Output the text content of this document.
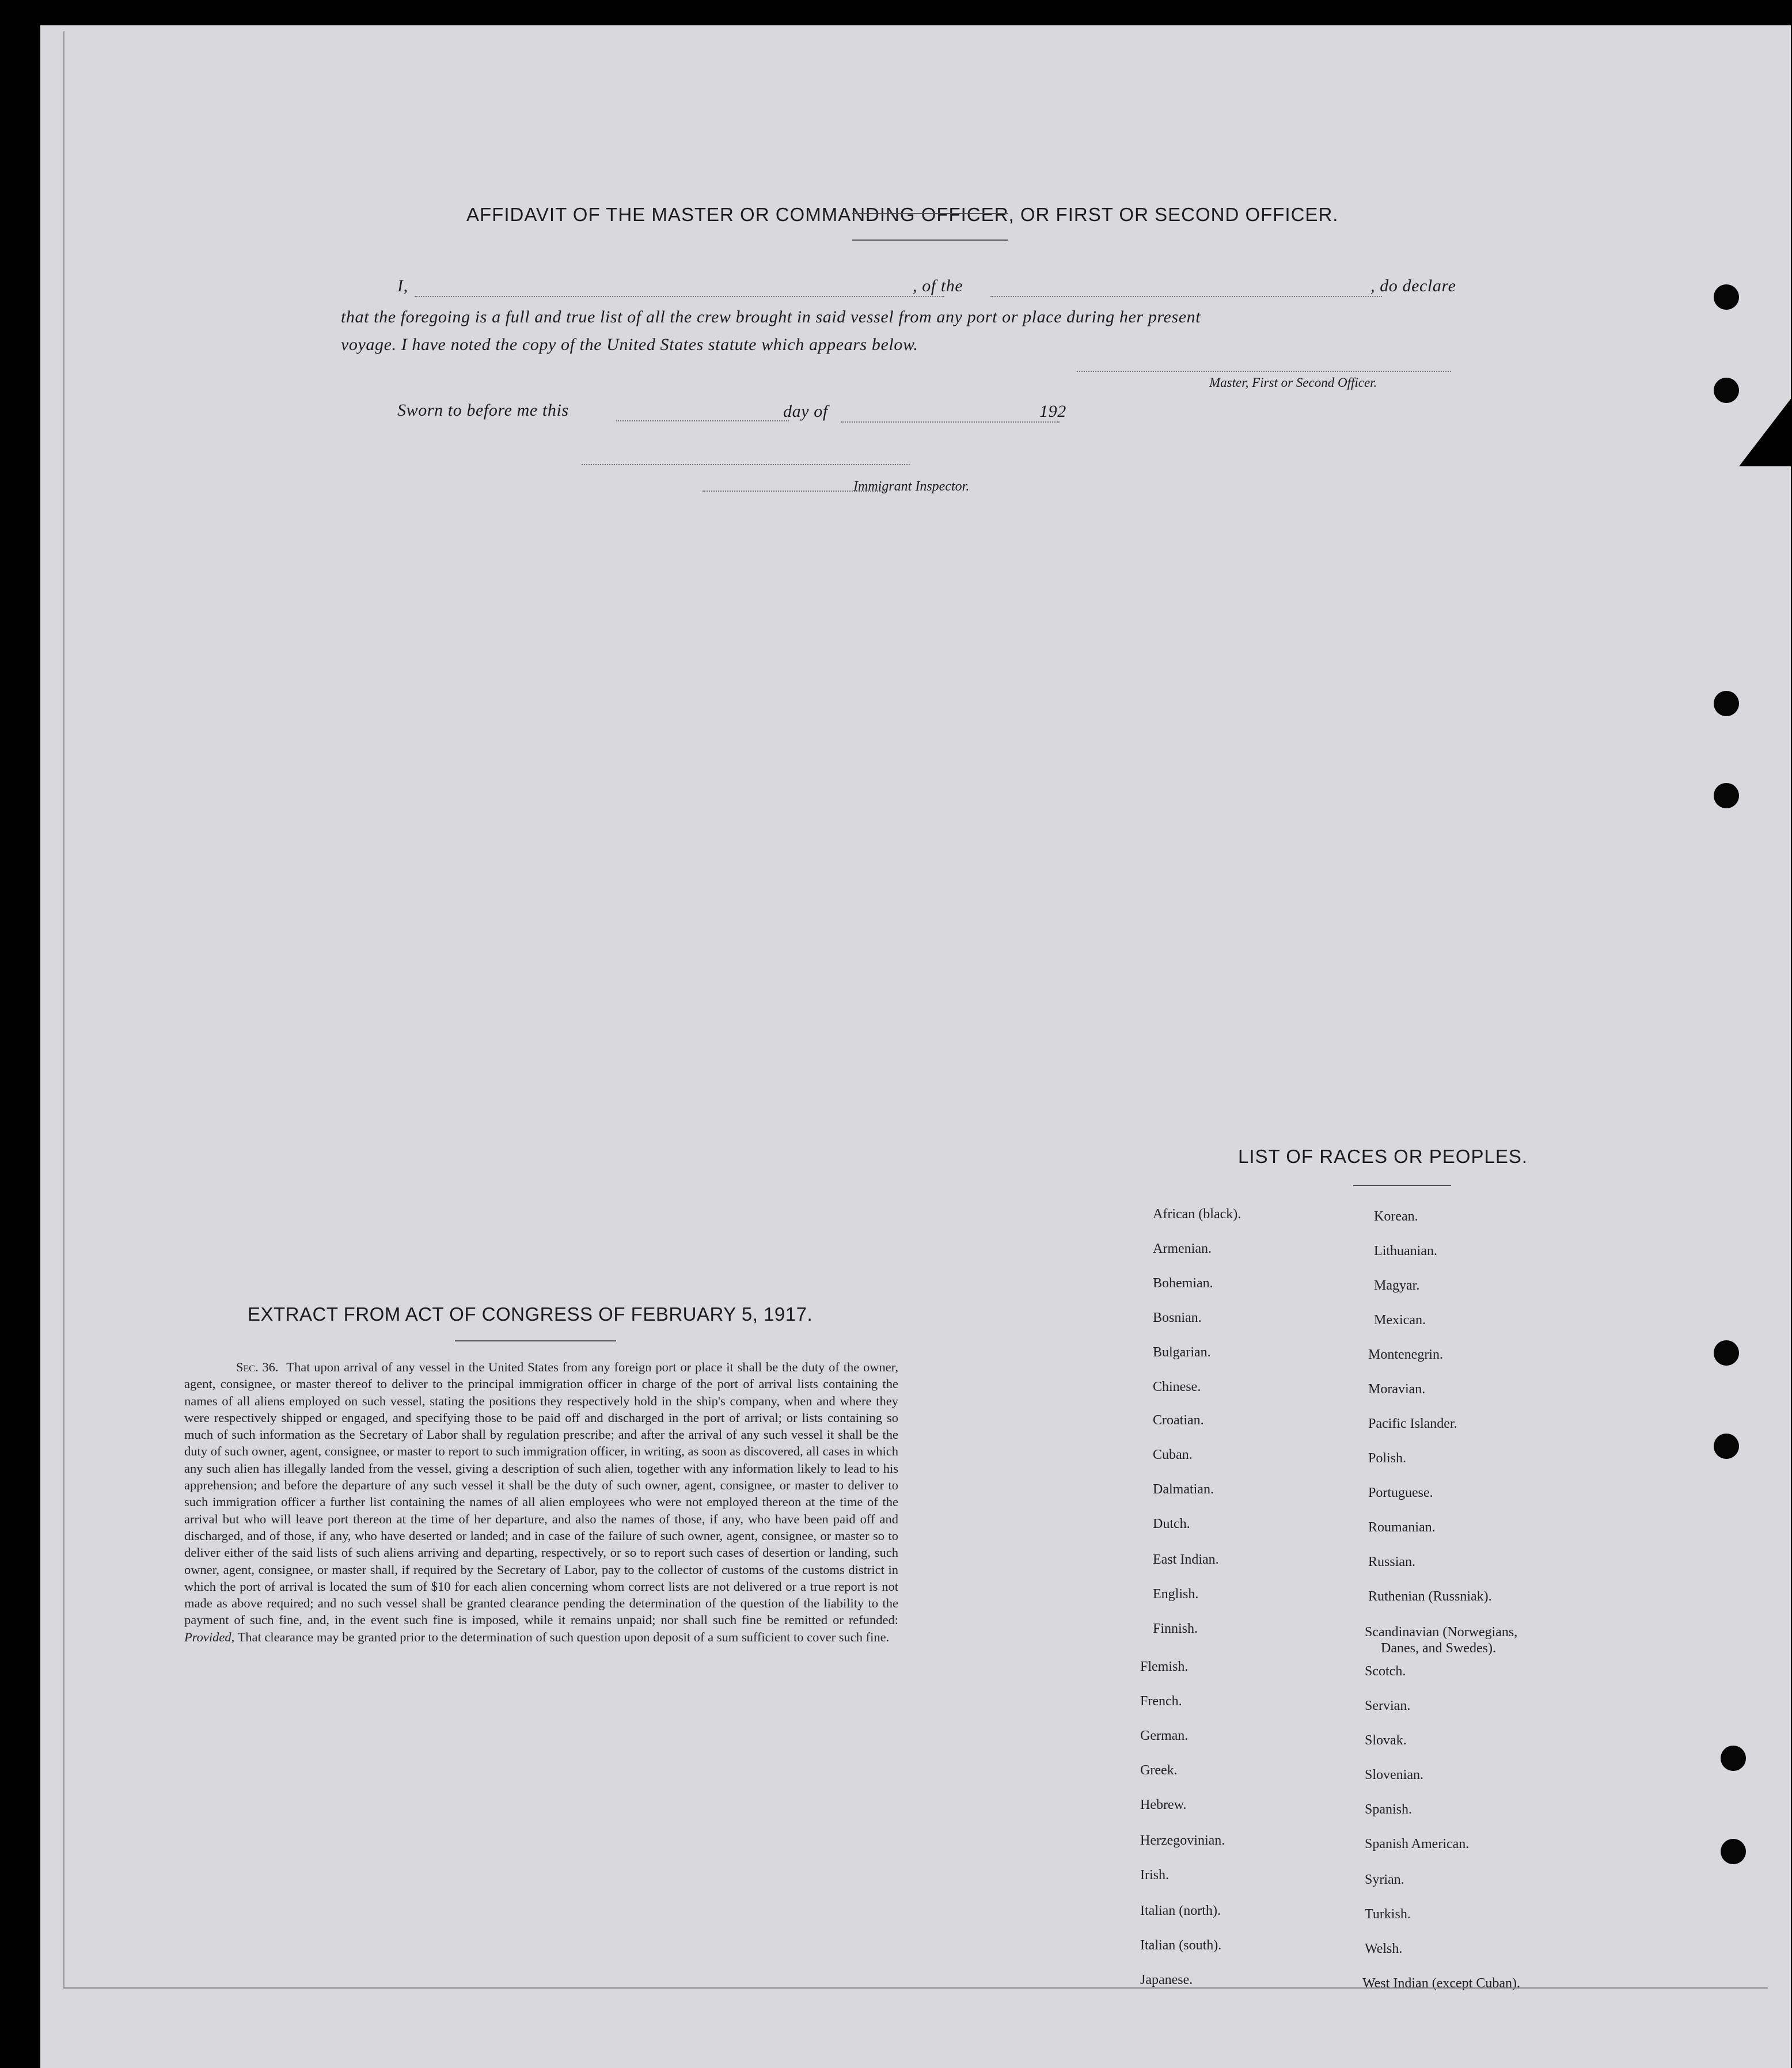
AFFIDAVIT OF THE MASTER OR COMMANDING OFFICER, OR FIRST OR SECOND OFFICER.
I,	, of the	, do declare
that the foregoing is a full and true list of all the crew brought in said vessel from any port or place during her present
voyage. I have noted the copy of the United States statute which appears below.
Master, First or Second Officer.
Sworn to before me this	day of	192
Immigrant Inspector.
EXTRACT FROM ACT OF CONGRESS OF FEBRUARY 5, 1917.

Sec. 36. That upon arrival of any vessel in the United States from any foreign port or place it shall be the duty of the owner, agent, consignee, or master thereof to deliver to the principal immigration officer in charge of the port of arrival lists containing the names of all aliens employed on such vessel, stating the positions they respectively hold in the ship's company, when and where they were respectively shipped or engaged, and specifying those to be paid off and discharged in the port of arrival; or lists containing so much of such information as the Secretary of Labor shall by regulation prescribe; and after the arrival of any such vessel it shall be the duty of such owner, agent, consignee, or master to report to such immigration officer, in writing, as soon as discovered, all cases in which any such alien has illegally landed from the vessel, giving a description of such alien, together with any information likely to lead to his apprehension; and before the departure of any such vessel it shall be the duty of such owner, agent, consignee, or master to deliver to such immigration officer a further list containing the names of all alien employees who were not employed thereon at the time of the arrival but who will leave port thereon at the time of her departure, and also the names of those, if any, who have been paid off and discharged, and of those, if any, who have deserted or landed; and in case of the failure of such owner, agent, consignee, or master so to deliver either of the said lists of such aliens arriving and departing, respectively, or so to report such cases of desertion or landing, such owner, agent, consignee, or master shall, if required by the Secretary of Labor, pay to the collector of customs of the customs district in which the port of arrival is located the sum of $10 for each alien concerning whom correct lists are not delivered or a true report is not made as above required; and no such vessel shall be granted clearance pending the determination of the question of the liability to the payment of such fine, and, in the event such fine is imposed, while it remains unpaid; nor shall such fine be remitted or refunded: Provided, That clearance may be granted prior to the determination of such question upon deposit of a sum sufficient to cover such fine.

LIST OF RACES OR PEOPLES.
African (black).
Armenian.
Bohemian.
Bosnian.
Bulgarian.
Chinese.
Croatian.
Cuban.
Dalmatian.
Dutch.
East Indian.
English.
Finnish.
Flemish.
French.
German.
Greek.
Hebrew.
Herzegovinian.
Irish.
Italian (north).
Italian (south).
Japanese.
Korean.
Lithuanian.
Magyar.
Mexican.
Montenegrin.
Moravian.
Pacific Islander.
Polish.
Portuguese.
Roumanian.
Russian.
Ruthenian (Russniak).
Scandinavian (Norwegians,
Danes, and Swedes).
Scotch.
Servian.
Slovak.
Slovenian.
Spanish.
Spanish American.
Syrian.
Turkish.
Welsh.
West Indian (except Cuban).
